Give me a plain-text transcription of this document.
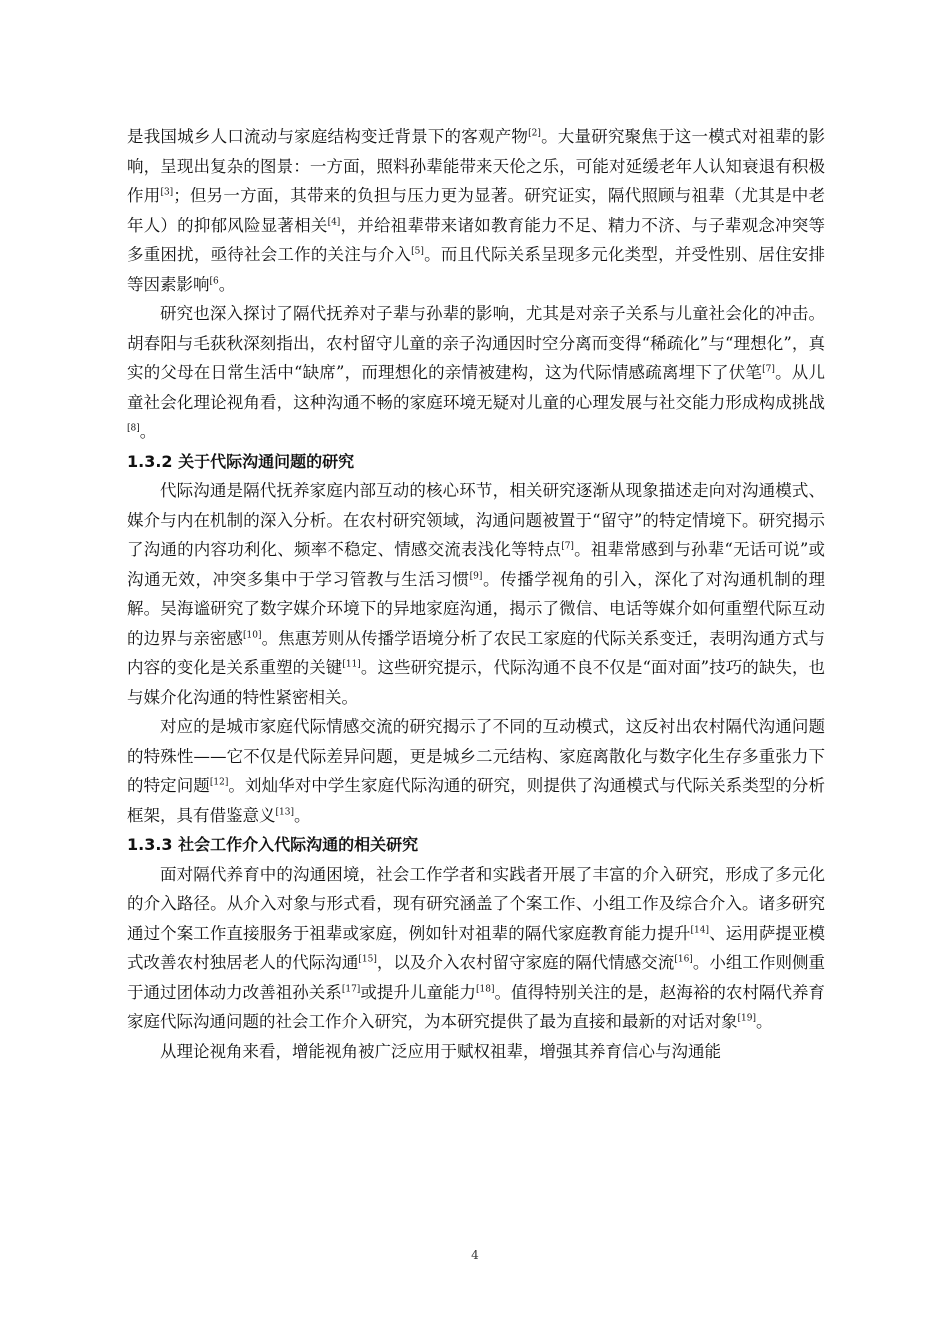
是我国城乡人口流动与家庭结构变迁背景下的客观产物[2]。大量研究聚焦于这一模式对祖辈的影响，呈现出复杂的图景：一方面，照料孙辈能带来天伦之乐，可能对延缓老年人认知衰退有积极作用[3]；但另一方面，其带来的负担与压力更为显著。研究证实，隔代照顾与祖辈（尤其是中老年人）的抑郁风险显著相关[4]，并给祖辈带来诸如教育能力不足、精力不济、与子辈观念冲突等多重困扰，亟待社会工作的关注与介入[5]。而且代际关系呈现多元化类型，并受性别、居住安排等因素影响$^{[6}$。

研究也深入探讨了隔代抚养对子辈与孙辈的影响，尤其是对亲子关系与儿童社会化的冲击。胡春阳与毛荻秋深刻指出，农村留守儿童的亲子沟通因时空分离而变得“稀疏化”与“理想化”，真实的父母在日常生活中“缺席”，而理想化的亲情被建构，这为代际情感疏离埋下了伏笔[7]。从儿童社会化理论视角看，这种沟通不畅的家庭环境无疑对儿童的心理发展与社交能力形成构成挑战[8]。

1.3.2 关于代际沟通问题的研究

代际沟通是隔代抚养家庭内部互动的核心环节，相关研究逐渐从现象描述走向对沟通模式、媒介与内在机制的深入分析。在农村研究领域，沟通问题被置于“留守”的特定情境下。研究揭示了沟通的内容功利化、频率不稳定、情感交流表浅化等特点[7]。祖辈常感到与孙辈“无话可说”或沟通无效，冲突多集中于学习管教与生活习惯[9]。传播学视角的引入，深化了对沟通机制的理解。吴海谧研究了数字媒介环境下的异地家庭沟通，揭示了微信、电话等媒介如何重塑代际互动的边界与亲密感[10]。焦惠芳则从传播学语境分析了农民工家庭的代际关系变迁，表明沟通方式与内容的变化是关系重塑的关键[11]。这些研究提示，代际沟通不良不仅是“面对面”技巧的缺失，也与媒介化沟通的特性紧密相关。

对应的是城市家庭代际情感交流的研究揭示了不同的互动模式，这反衬出农村隔代沟通问题的特殊性——它不仅是代际差异问题，更是城乡二元结构、家庭离散化与数字化生存多重张力下的特定问题[12]。刘灿华对中学生家庭代际沟通的研究，则提供了沟通模式与代际关系类型的分析框架，具有借鉴意义[13]。

1.3.3 社会工作介入代际沟通的相关研究

面对隔代养育中的沟通困境，社会工作学者和实践者开展了丰富的介入研究，形成了多元化的介入路径。从介入对象与形式看，现有研究涵盖了个案工作、小组工作及综合介入。诸多研究通过个案工作直接服务于祖辈或家庭，例如针对祖辈的隔代家庭教育能力提升[14]、运用萨提亚模式改善农村独居老人的代际沟通[15]，以及介入农村留守家庭的隔代情感交流[16]。小组工作则侧重于通过团体动力改善祖孙关系[17]或提升儿童能力[18]。值得特别关注的是，赵海裕的农村隔代养育家庭代际沟通问题的社会工作介入研究，为本研究提供了最为直接和最新的对话对象[19]。

从理论视角来看，增能视角被广泛应用于赋权祖辈，增强其养育信心与沟通能

4
